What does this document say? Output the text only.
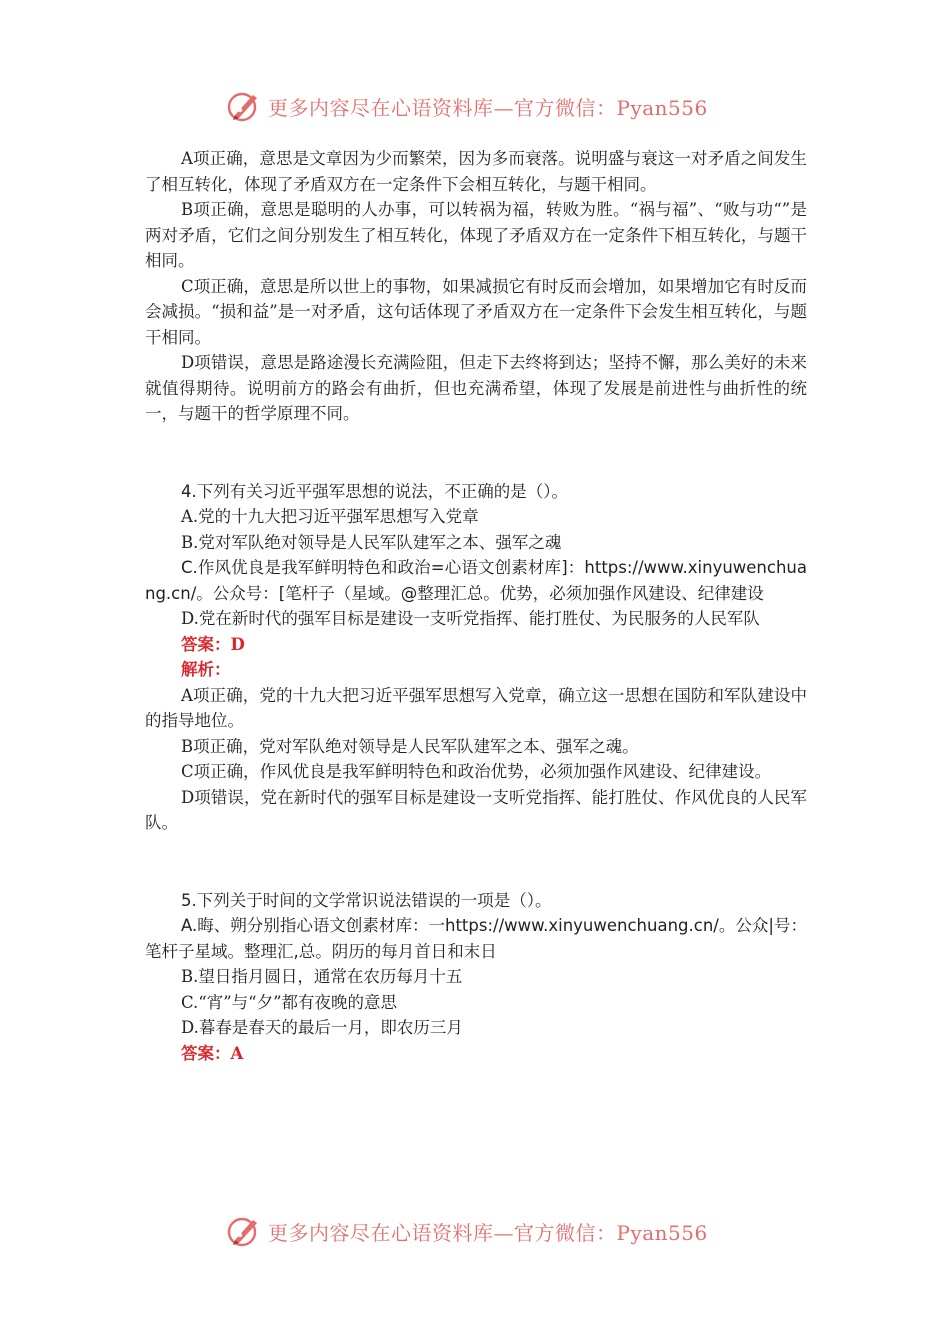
更多内容尽在心语资料库—官方微信：Pyan556

A项正确，意思是文章因为少而繁荣，因为多而衰落。说明盛与衰这一对矛盾之间发生了相互转化，体现了矛盾双方在一定条件下会相互转化，与题干相同。

B项正确，意思是聪明的人办事，可以转祸为福，转败为胜。“祸与福”、“败与功“”是两对矛盾，它们之间分别发生了相互转化，体现了矛盾双方在一定条件下相互转化，与题干相同。

C项正确，意思是所以世上的事物，如果减损它有时反而会增加，如果增加它有时反而会减损。“损和益”是一对矛盾，这句话体现了矛盾双方在一定条件下会发生相互转化，与题干相同。

D项错误，意思是路途漫长充满险阻，但走下去终将到达；坚持不懈，那么美好的未来就值得期待。说明前方的路会有曲折，但也充满希望，体现了发展是前进性与曲折性的统一，与题干的哲学原理不同。

4.下列有关习近平强军思想的说法，不正确的是（）。

A.党的十九大把习近平强军思想写入党章

B.党对军队绝对领导是人民军队建军之本、强军之魂

C.作风优良是我军鲜明特色和政治=心语文创素材库]：https://www.xinyuwenchuang.cn/。公众号：[笔杆子（星域。@整理汇总。优势，必须加强作风建设、纪律建设

D.党在新时代的强军目标是建设一支听党指挥、能打胜仗、为民服务的人民军队

答案：D

解析：

A项正确，党的十九大把习近平强军思想写入党章，确立这一思想在国防和军队建设中的指导地位。

B项正确，党对军队绝对领导是人民军队建军之本、强军之魂。

C项正确，作风优良是我军鲜明特色和政治优势，必须加强作风建设、纪律建设。

D项错误，党在新时代的强军目标是建设一支听党指挥、能打胜仗、作风优良的人民军队。

5.下列关于时间的文学常识说法错误的一项是（）。

A.晦、朔分别指心语文创素材库：一https://www.xinyuwenchuang.cn/。公众|号：笔杆子星域。整理汇,总。阴历的每月首日和末日

B.望日指月圆日，通常在农历每月十五

C.“宵”与“夕”都有夜晚的意思

D.暮春是春天的最后一月，即农历三月

答案：A

更多内容尽在心语资料库—官方微信：Pyan556
